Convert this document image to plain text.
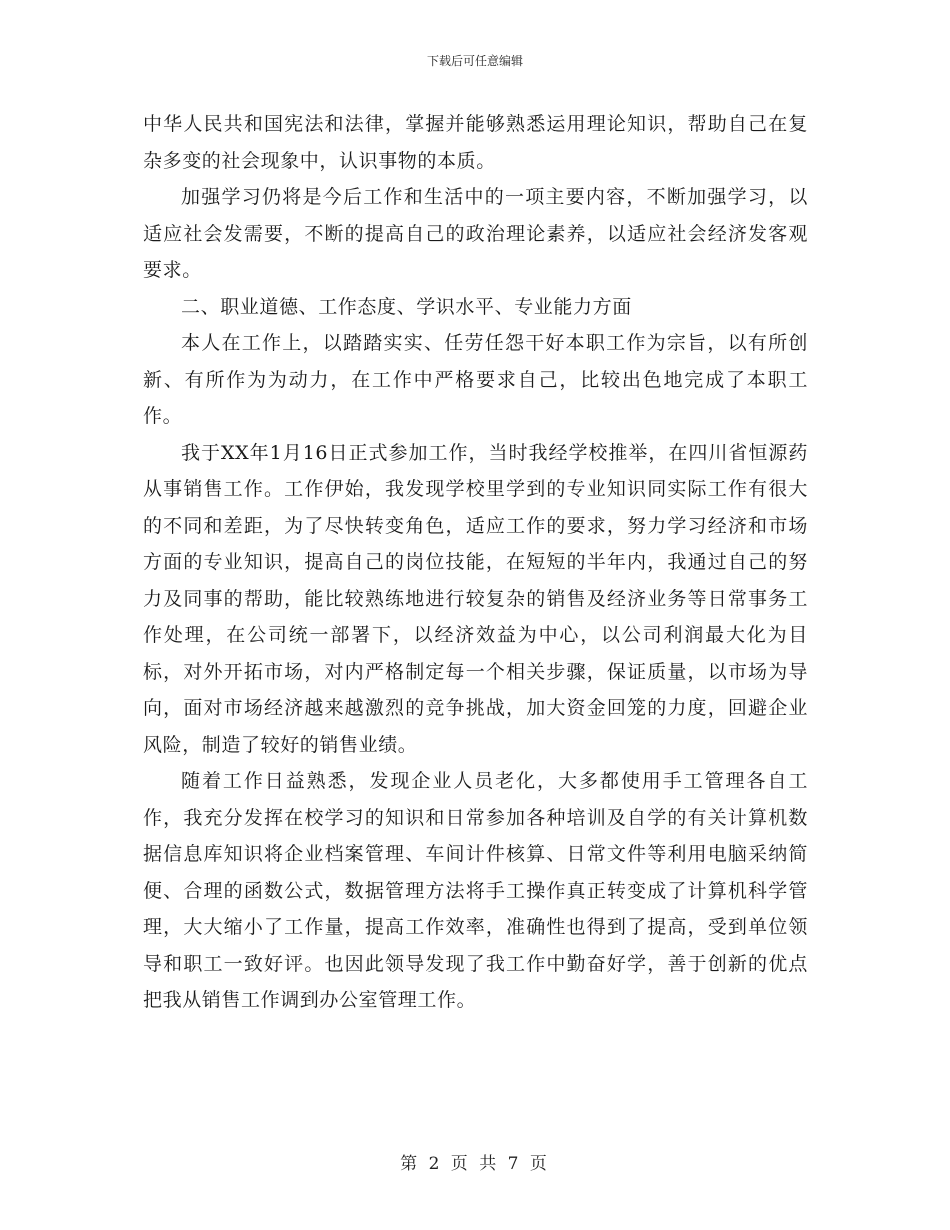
下载后可任意编辑

中华人民共和国宪法和法律，掌握并能够熟悉运用理论知识，帮助自己在复杂多变的社会现象中，认识事物的本质。

加强学习仍将是今后工作和生活中的一项主要内容，不断加强学习，以适应社会发需要，不断的提高自己的政治理论素养，以适应社会经济发客观要求。

二、职业道德、工作态度、学识水平、专业能力方面

本人在工作上，以踏踏实实、任劳任怨干好本职工作为宗旨，以有所创新、有所作为为动力，在工作中严格要求自己，比较出色地完成了本职工作。

我于XX年1月16日正式参加工作，当时我经学校推举，在四川省恒源药从事销售工作。工作伊始，我发现学校里学到的专业知识同实际工作有很大的不同和差距，为了尽快转变角色，适应工作的要求，努力学习经济和市场方面的专业知识，提高自己的岗位技能，在短短的半年内，我通过自己的努力及同事的帮助，能比较熟练地进行较复杂的销售及经济业务等日常事务工作处理，在公司统一部署下，以经济效益为中心，以公司利润最大化为目标，对外开拓市场，对内严格制定每一个相关步骤，保证质量，以市场为导向，面对市场经济越来越激烈的竞争挑战，加大资金回笼的力度，回避企业风险，制造了较好的销售业绩。

随着工作日益熟悉，发现企业人员老化，大多都使用手工管理各自工作，我充分发挥在校学习的知识和日常参加各种培训及自学的有关计算机数据信息库知识将企业档案管理、车间计件核算、日常文件等利用电脑采纳简便、合理的函数公式，数据管理方法将手工操作真正转变成了计算机科学管理，大大缩小了工作量，提高工作效率，准确性也得到了提高，受到单位领导和职工一致好评。也因此领导发现了我工作中勤奋好学，善于创新的优点把我从销售工作调到办公室管理工作。

第 2 页 共 7 页
